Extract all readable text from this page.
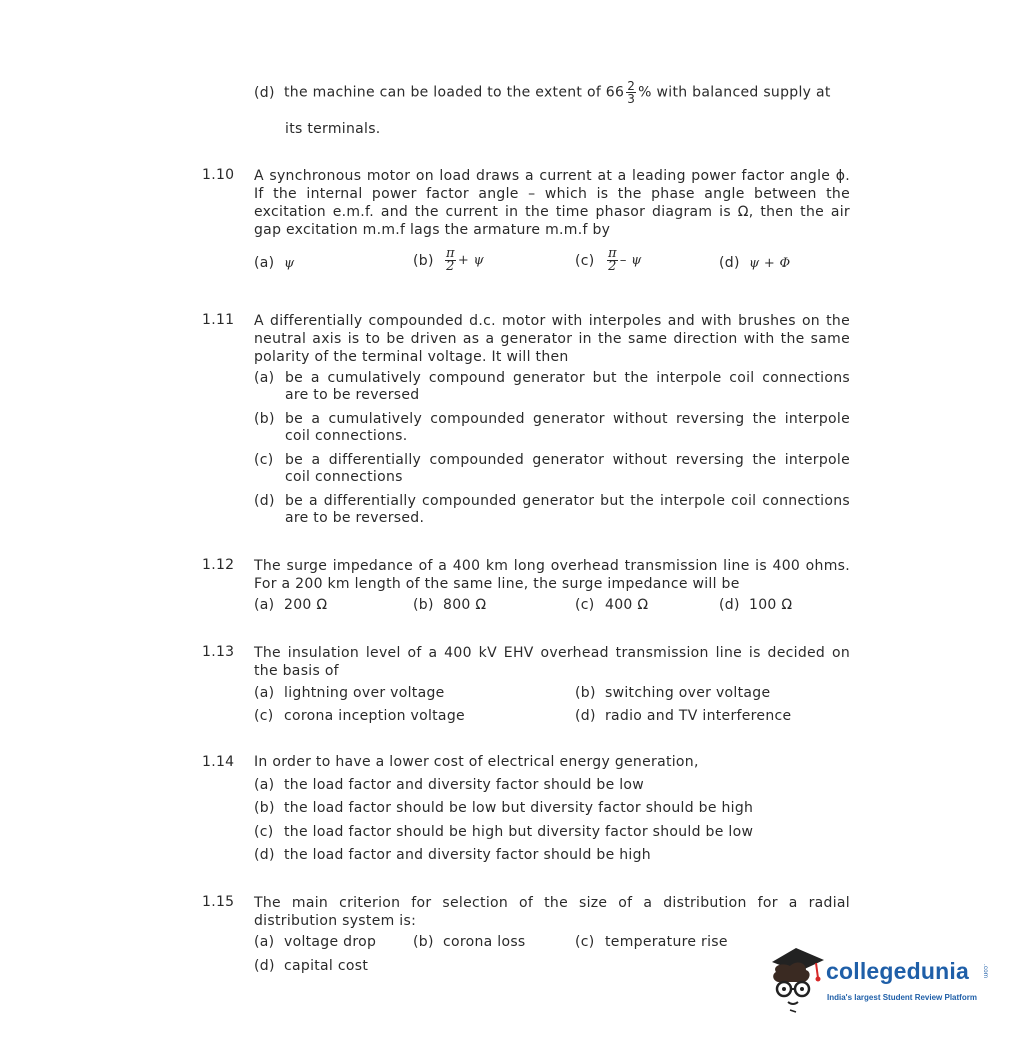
(d) the machine can be loaded to the extent of $66 \frac{2}{3}$ % with balanced supply at
its terminals.
1.10 A synchronous motor on load draws a current at a leading power factor angle ϕ. If the internal power factor angle – which is the phase angle between the excitation e.m.f. and the current in the time phasor diagram is Ω, then the air gap excitation m.m.f lags the armature m.m.f by
(a) ψ	$(b) \frac{\pi}{2} + \psi$	$(c) \frac{\pi}{2}$ – ψ	(d) ψ + Φ
1.11 A differentially compounded d.c. motor with interpoles and with brushes on the neutral axis is to be driven as a generator in the same direction with the same polarity of the terminal voltage. It will then
(a) be a cumulatively compound generator but the interpole coil connections are to be reversed
(b) be a cumulatively compounded generator without reversing the interpole coil connections.
(c) be a differentially compounded generator without reversing the interpole coil connections
(d) be a differentially compounded generator but the interpole coil connections are to be reversed.
1.12 The surge impedance of a 400 km long overhead transmission line is 400 ohms. For a 200 km length of the same line, the surge impedance will be
(a) 200 Ω	(b) 800 Ω	(c) 400 Ω	(d) 100 Ω
1.13 The insulation level of a 400 kV EHV overhead transmission line is decided on the basis of
(a) lightning over voltage	(b) switching over voltage
(c) corona inception voltage	(d) radio and TV interference
1.14 In order to have a lower cost of electrical energy generation,
(a) the load factor and diversity factor should be low
(b) the load factor should be low but diversity factor should be high
(c) the load factor should be high but diversity factor should be low
(d) the load factor and diversity factor should be high
1.15 The main criterion for selection of the size of a distribution for a radial distribution system is:
(a) voltage drop	(b) corona loss	(c) temperature rise
(d) capital cost	collegedunia .com
India's largest Student Review Platform
